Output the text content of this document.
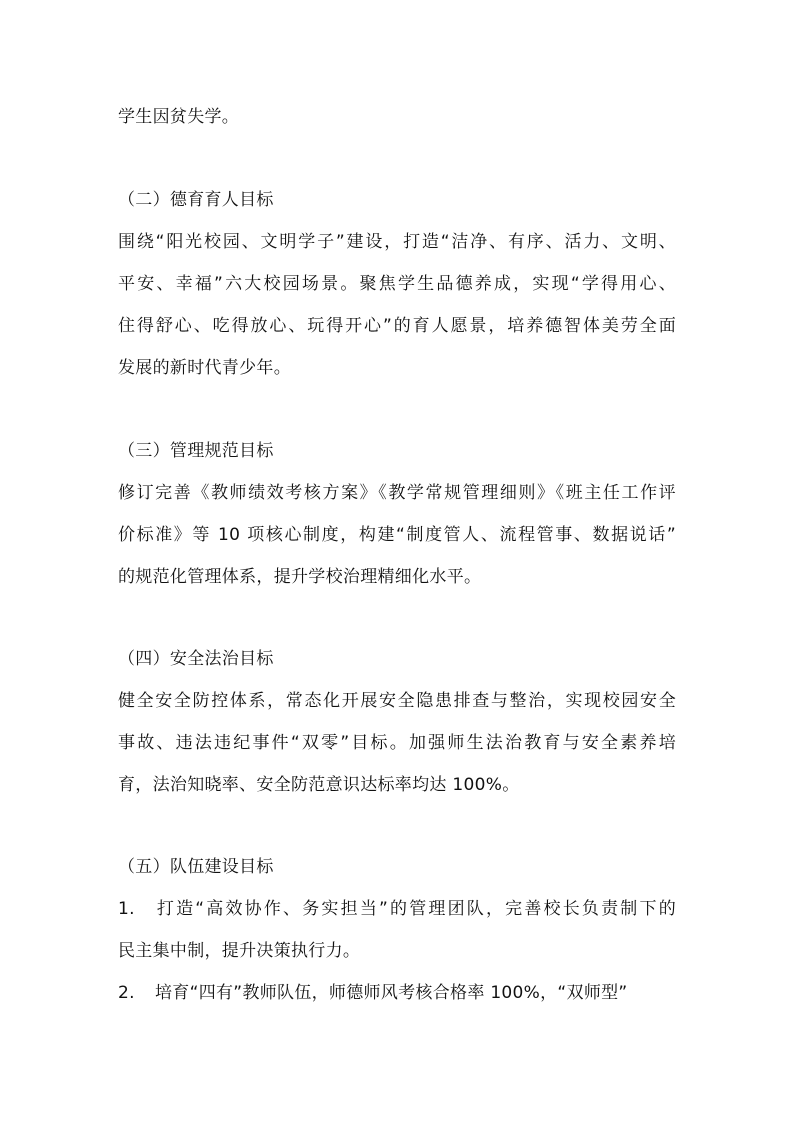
学生因贫失学。
（二）德育育人目标
围绕“阳光校园、文明学子”建设，打造“洁净、有序、活力、文明、
平安、幸福”六大校园场景。聚焦学生品德养成，实现“学得用心、
住得舒心、吃得放心、玩得开心”的育人愿景，培养德智体美劳全面
发展的新时代青少年。
（三）管理规范目标
修订完善《教师绩效考核方案》《教学常规管理细则》《班主任工作评
价标准》等 10 项核心制度，构建“制度管人、流程管事、数据说话”
的规范化管理体系，提升学校治理精细化水平。
（四）安全法治目标
健全安全防控体系，常态化开展安全隐患排查与整治，实现校园安全
事故、违法违纪事件“双零”目标。加强师生法治教育与安全素养培
育，法治知晓率、安全防范意识达标率均达 100%。
（五）队伍建设目标
1. 打造“高效协作、务实担当”的管理团队，完善校长负责制下的
民主集中制，提升决策执行力。
2. 培育“四有”教师队伍，师德师风考核合格率 100%，“双师型”
